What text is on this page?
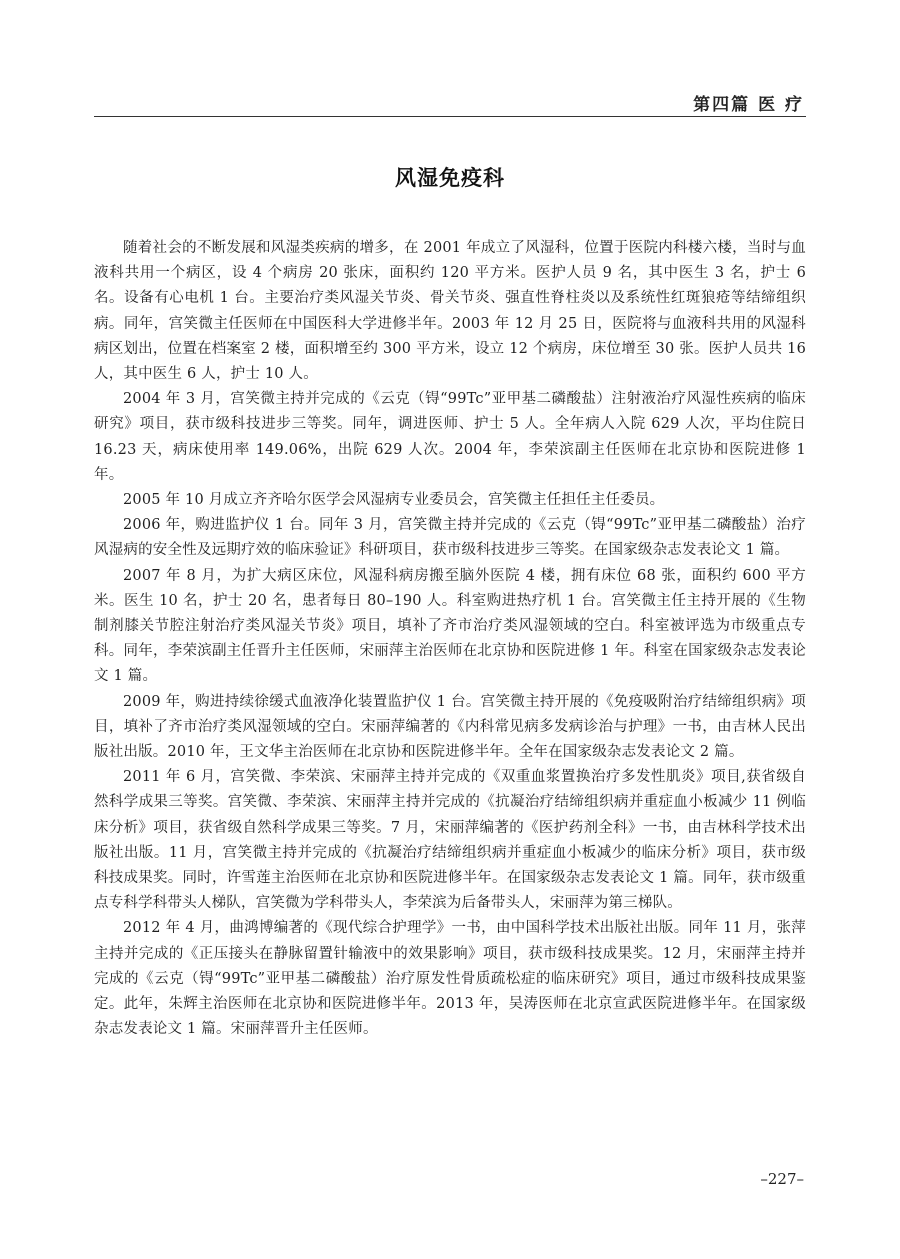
第四篇 医 疗
风湿免疫科

随着社会的不断发展和风湿类疾病的增多，在 2001 年成立了风湿科，位置于医院内科楼六楼，当时与血液科共用一个病区，设 4 个病房 20 张床，面积约 120 平方米。医护人员 9 名，其中医生 3 名，护士 6 名。设备有心电机 1 台。主要治疗类风湿关节炎、骨关节炎、强直性脊柱炎以及系统性红斑狼疮等结缔组织病。同年，宫笑微主任医师在中国医科大学进修半年。2003 年 12 月 25 日，医院将与血液科共用的风湿科病区划出，位置在档案室 2 楼，面积增至约 300 平方米，设立 12 个病房，床位增至 30 张。医护人员共 16 人，其中医生 6 人，护士 10 人。

2004 年 3 月，宫笑微主持并完成的《云克（锝“99Tc”亚甲基二磷酸盐）注射液治疗风湿性疾病的临床研究》项目，获市级科技进步三等奖。同年，调进医师、护士 5 人。全年病人入院 629 人次，平均住院日 16.23 天，病床使用率 149.06%，出院 629 人次。2004 年，李荣滨副主任医师在北京协和医院进修 1 年。

2005 年 10 月成立齐齐哈尔医学会风湿病专业委员会，宫笑微主任担任主任委员。

2006 年，购进监护仪 1 台。同年 3 月，宫笑微主持并完成的《云克（锝“99Tc”亚甲基二磷酸盐）治疗风湿病的安全性及远期疗效的临床验证》科研项目，获市级科技进步三等奖。在国家级杂志发表论文 1 篇。

2007 年 8 月，为扩大病区床位，风湿科病房搬至脑外医院 4 楼，拥有床位 68 张，面积约 600 平方米。医生 10 名，护士 20 名，患者每日 80–190 人。科室购进热疗机 1 台。宫笑微主任主持开展的《生物制剂膝关节腔注射治疗类风湿关节炎》项目，填补了齐市治疗类风湿领域的空白。科室被评选为市级重点专科。同年，李荣滨副主任晋升主任医师，宋丽萍主治医师在北京协和医院进修 1 年。科室在国家级杂志发表论文 1 篇。

2009 年，购进持续徐缓式血液净化装置监护仪 1 台。宫笑微主持开展的《免疫吸附治疗结缔组织病》项目，填补了齐市治疗类风湿领域的空白。宋丽萍编著的《内科常见病多发病诊治与护理》一书，由吉林人民出版社出版。2010 年，王文华主治医师在北京协和医院进修半年。全年在国家级杂志发表论文 2 篇。

2011 年 6 月，宫笑微、李荣滨、宋丽萍主持并完成的《双重血浆置换治疗多发性肌炎》项目,获省级自然科学成果三等奖。宫笑微、李荣滨、宋丽萍主持并完成的《抗凝治疗结缔组织病并重症血小板减少 11 例临床分析》项目，获省级自然科学成果三等奖。7 月，宋丽萍编著的《医护药剂全科》一书，由吉林科学技术出版社出版。11 月，宫笑微主持并完成的《抗凝治疗结缔组织病并重症血小板减少的临床分析》项目，获市级科技成果奖。同时，许雪莲主治医师在北京协和医院进修半年。在国家级杂志发表论文 1 篇。同年，获市级重点专科学科带头人梯队，宫笑微为学科带头人，李荣滨为后备带头人，宋丽萍为第三梯队。

2012 年 4 月，曲鸿博编著的《现代综合护理学》一书，由中国科学技术出版社出版。同年 11 月，张萍主持并完成的《正压接头在静脉留置针输液中的效果影响》项目，获市级科技成果奖。12 月，宋丽萍主持并完成的《云克（锝“99Tc”亚甲基二磷酸盐）治疗原发性骨质疏松症的临床研究》项目，通过市级科技成果鉴定。此年，朱辉主治医师在北京协和医院进修半年。2013 年，吴涛医师在北京宣武医院进修半年。在国家级杂志发表论文 1 篇。宋丽萍晋升主任医师。

–227–
